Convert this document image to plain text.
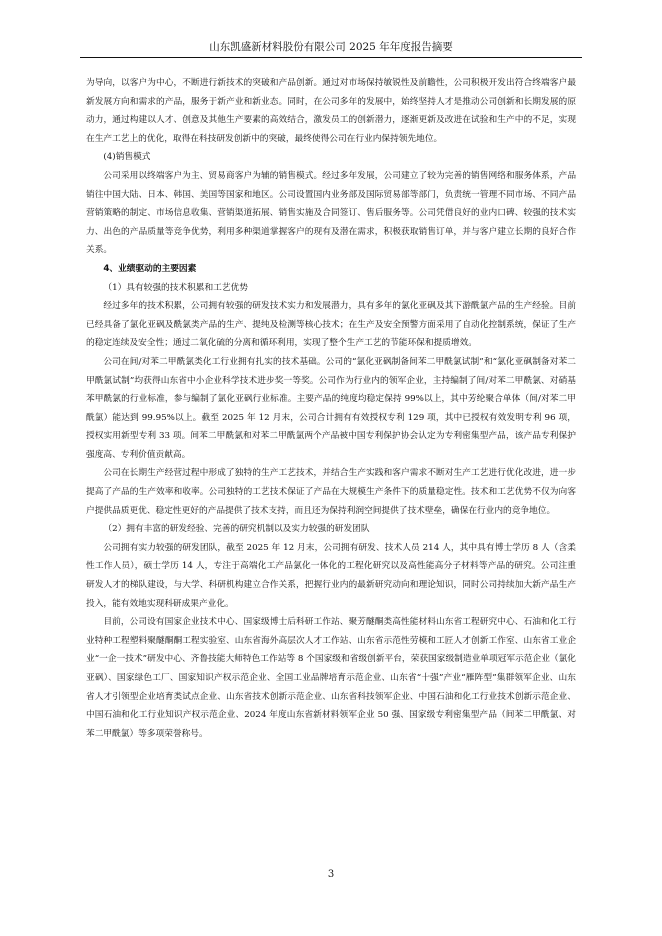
山东凯盛新材料股份有限公司 2025 年年度报告摘要

为导向，以客户为中心，不断进行新技术的突破和产品创新。通过对市场保持敏锐性及前瞻性，公司积极开发出符合终端客户最新发展方向和需求的产品，服务于新产业和新业态。同时，在公司多年的发展中，始终坚持人才是推动公司创新和长期发展的原动力，通过构建以人才、创意及其他生产要素的高效结合，激发员工的创新潜力，逐渐更新及改进在试验和生产中的不足，实现在生产工艺上的优化，取得在科技研发创新中的突破，最终使得公司在行业内保持领先地位。

(4)销售模式

公司采用以终端客户为主、贸易商客户为辅的销售模式。经过多年发展，公司建立了较为完善的销售网络和服务体系，产品销往中国大陆、日本、韩国、美国等国家和地区。公司设置国内业务部及国际贸易部等部门，负责统一管理不同市场、不同产品营销策略的制定、市场信息收集、营销渠道拓展、销售实施及合同签订、售后服务等。公司凭借良好的业内口碑、较强的技术实力、出色的产品质量等竞争优势，利用多种渠道掌握客户的现有及潜在需求，积极获取销售订单，并与客户建立长期的良好合作关系。

4、业绩驱动的主要因素

（1）具有较强的技术积累和工艺优势

经过多年的技术积累，公司拥有较强的研发技术实力和发展潜力，具有多年的氯化亚砜及其下游酰氯产品的生产经验。目前已经具备了氯化亚砜及酰氯类产品的生产、提纯及检测等核心技术；在生产及安全预警方面采用了自动化控制系统，保证了生产的稳定连续及安全性；通过二氧化硫的分离和循环利用，实现了整个生产工艺的节能环保和提质增效。

公司在间/对苯二甲酰氯类化工行业拥有扎实的技术基础。公司的“氯化亚砜制备间苯二甲酰氯试制”和“氯化亚砜制备对苯二甲酰氯试制”均获得山东省中小企业科学技术进步奖一等奖。公司作为行业内的领军企业，主持编制了间/对苯二甲酰氯、对硝基苯甲酰氯的行业标准，参与编制了氯化亚砜行业标准。主要产品的纯度均稳定保持 99%以上，其中芳纶聚合单体（间/对苯二甲酰氯）能达到 99.95%以上。截至 2025 年 12 月末，公司合计拥有有效授权专利 129 项，其中已授权有效发明专利 96 项，授权实用新型专利 33 项。间苯二甲酰氯和对苯二甲酰氯两个产品被中国专利保护协会认定为专利密集型产品，该产品专利保护强度高、专利价值贡献高。

公司在长期生产经营过程中形成了独特的生产工艺技术，并结合生产实践和客户需求不断对生产工艺进行优化改进，进一步提高了产品的生产效率和收率。公司独特的工艺技术保证了产品在大规模生产条件下的质量稳定性。技术和工艺优势不仅为向客户提供品质更优、稳定性更好的产品提供了技术支持，而且还为保持利润空间提供了技术壁垒，确保在行业内的竞争地位。

（2）拥有丰富的研发经验、完善的研究机制以及实力较强的研发团队

公司拥有实力较强的研发团队，截至 2025 年 12 月末，公司拥有研发、技术人员 214 人，其中具有博士学历 8 人（含柔性工作人员），硕士学历 14 人，专注于高端化工产品氯化一体化的工程化研究以及高性能高分子材料等产品的研究。公司注重研发人才的梯队建设，与大学、科研机构建立合作关系，把握行业内的最新研究动向和理论知识，同时公司持续加大新产品生产投入，能有效地实现科研成果产业化。

目前，公司设有国家企业技术中心、国家级博士后科研工作站、聚芳醚酮类高性能材料山东省工程研究中心、石油和化工行业特种工程塑料聚醚酮酮工程实验室、山东省海外高层次人才工作站、山东省示范性劳模和工匠人才创新工作室、山东省工业企业“一企一技术”研发中心、齐鲁技能大师特色工作站等 8 个国家级和省级创新平台，荣获国家级制造业单项冠军示范企业（氯化亚砜）、国家绿色工厂、国家知识产权示范企业、全国工业品牌培育示范企业、山东省“十强”产业“雁阵型”集群领军企业、山东省人才引领型企业培育类试点企业、山东省技术创新示范企业、山东省科技领军企业、中国石油和化工行业技术创新示范企业、中国石油和化工行业知识产权示范企业、2024 年度山东省新材料领军企业 50 强、国家级专利密集型产品（间苯二甲酰氯、对苯二甲酰氯）等多项荣誉称号。

3
